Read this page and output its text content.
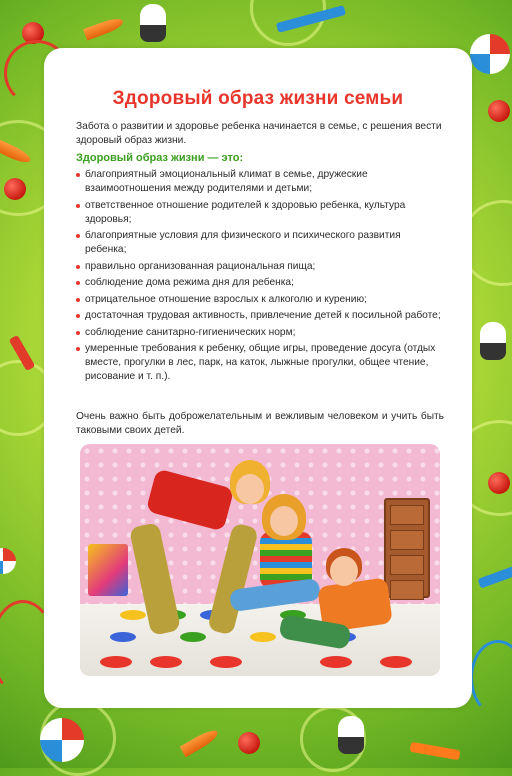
Здоровый образ жизни семьи

Забота о развитии и здоровье ребенка начинается в семье, с решения вести здоровый образ жизни.

Здоровый образ жизни — это:

благоприятный эмоциональный климат в семье, дружеские взаимоотношения между родителями и детьми;
ответственное отношение родителей к здоровью ребенка, культура здоровья;
благоприятные условия для физического и психического развития ребенка;
правильно организованная рациональная пища;
соблюдение дома режима дня для ребенка;
отрицательное отношение взрослых к алкоголю и курению;
достаточная трудовая активность, привлечение детей к посильной работе;
соблюдение санитарно-гигиенических норм;
умеренные требования к ребенку, общие игры, проведение досуга (отдых вместе, прогулки в лес, парк, на каток, лыжные прогулки, общее чтение, рисование и т. п.).

Очень важно быть доброжелательным и вежливым человеком и учить быть таковыми своих детей.
